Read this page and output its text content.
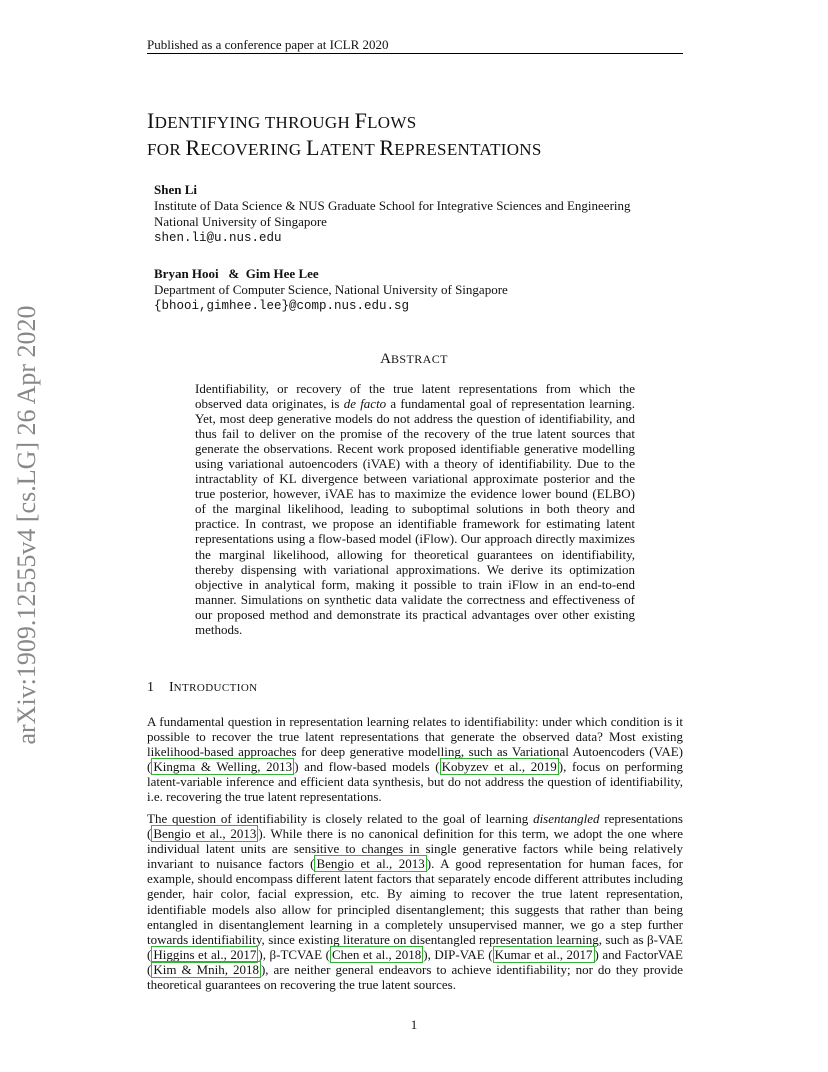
Published as a conference paper at ICLR 2020
arXiv:1909.12555v4 [cs.LG] 26 Apr 2020
IDENTIFYING THROUGH FLOWS
FOR RECOVERING LATENT REPRESENTATIONS
Shen Li
Institute of Data Science & NUS Graduate School for Integrative Sciences and Engineering
National University of Singapore
shen.li@u.nus.edu
Bryan Hooi & Gim Hee Lee
Department of Computer Science, National University of Singapore
{bhooi,gimhee.lee}@comp.nus.edu.sg
ABSTRACT
Identifiability, or recovery of the true latent representations from which the observed data originates, is de facto a fundamental goal of representation learning. Yet, most deep generative models do not address the question of identifiability, and thus fail to deliver on the promise of the recovery of the true latent sources that generate the observations. Recent work proposed identifiable generative modelling using variational autoencoders (iVAE) with a theory of identifiability. Due to the intractablity of KL divergence between variational approximate posterior and the true posterior, however, iVAE has to maximize the evidence lower bound (ELBO) of the marginal likelihood, leading to suboptimal solutions in both theory and practice. In contrast, we propose an identifiable framework for estimating latent representations using a flow-based model (iFlow). Our approach directly maximizes the marginal likelihood, allowing for theoretical guarantees on identifiability, thereby dispensing with variational approximations. We derive its optimization objective in analytical form, making it possible to train iFlow in an end-to-end manner. Simulations on synthetic data validate the correctness and effectiveness of our proposed method and demonstrate its practical advantages over other existing methods.
1 INTRODUCTION
A fundamental question in representation learning relates to identifiability: under which condition is it possible to recover the true latent representations that generate the observed data? Most existing likelihood-based approaches for deep generative modelling, such as Variational Autoencoders (VAE) ( Kingma & Welling, 2013 ) and flow-based models ( Kobyzev et al., 2019 ), focus on performing latent-variable inference and efficient data synthesis, but do not address the question of identifiability, i.e. recovering the true latent representations.
The question of identifiability is closely related to the goal of learning disentangled representations ( Bengio et al., 2013 ). While there is no canonical definition for this term, we adopt the one where individual latent units are sensitive to changes in single generative factors while being relatively invariant to nuisance factors ( Bengio et al., 2013 ). A good representation for human faces, for example, should encompass different latent factors that separately encode different attributes including gender, hair color, facial expression, etc. By aiming to recover the true latent representation, identifiable models also allow for principled disentanglement; this suggests that rather than being entangled in disentanglement learning in a completely unsupervised manner, we go a step further towards identifiability, since existing literature on disentangled representation learning, such as β-VAE ( Higgins et al., 2017 ), β-TCVAE ( Chen et al., 2018 ), DIP-VAE ( Kumar et al., 2017 ) and FactorVAE ( Kim & Mnih, 2018 ), are neither general endeavors to achieve identifiability; nor do they provide theoretical guarantees on recovering the true latent sources.
1
